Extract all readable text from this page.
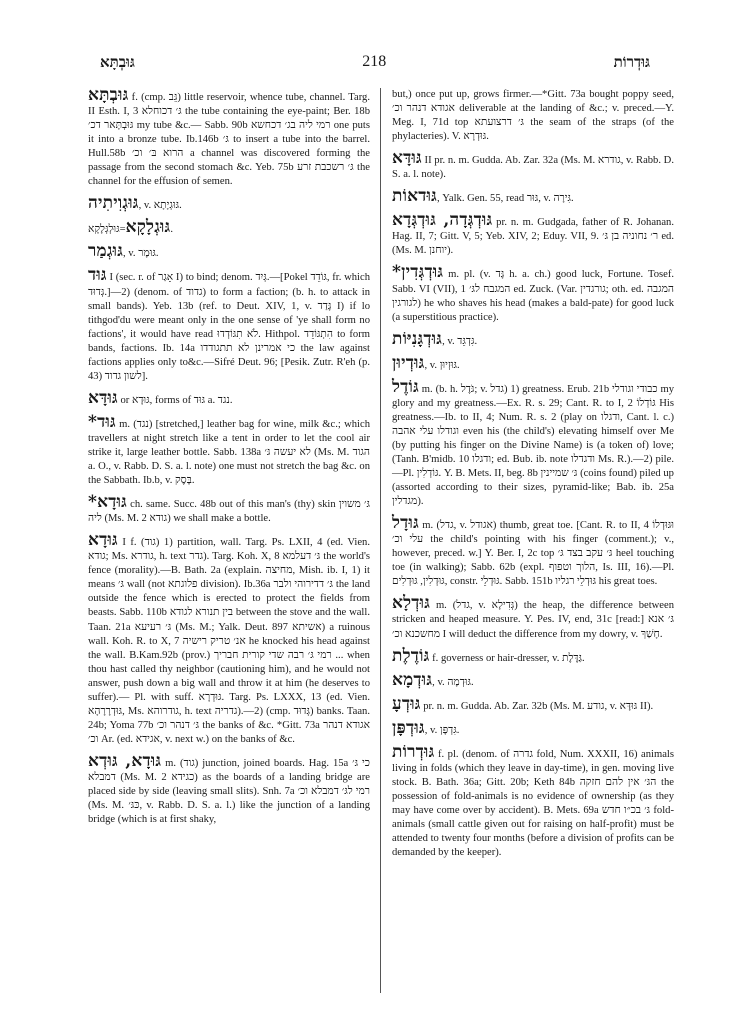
גּוּבְתָּא	218	גּוּדְרוֹת

גּוּבְתָּא f. (cmp. גֵּב) little reservoir, whence tube, channel. Targ. II Esth. I, 3 גּ׳ דכוחלא the tube containing the eye-paint; Ber. 18b גּוּבְתָּאר דכ׳ my tube &c.— Sabb. 90b רמי ליה בג׳ דכחשא one puts it into a bronze tube. Ib.146b גּ׳ to insert a tube into the barrel. Hull.58b הרוא בּ׳ וכ׳ a channel was discovered forming the passage from the second stomach &c. Yeb. 75b גּ׳ רשכבת זרע the channel for the effusion of semen.

גּוּגְוִיתִיה, v. גּוּגְיָתָא.

גּוּגְלָקָא=גּוּלְגְּלָקָא.

גּוּגְמַר, v. גּוּמָר.

גּוּד I (sec. r. of אָגַר I) to bind; denom. גְּיִד.—[Pokel גּוֹדֵד, fr. which גְּדוּד.]—2) (denom. of גדוד) to form a faction; (b. h. to attack in small bands). Yeb. 13b (ref. to Deut. XIV, 1, v. גָּדַד I) if lo tithgod'du were meant only in the one sense of 'ye shall form no factions', it would have read לֹא תִגּוֹדְדוּ. Hithpol. הִתְגּוֹדֵד to form bands, factions. Ib. 14a כי אמרינן לא תתגודדו the law against factions applies only to&c.—Sifré Deut. 96; [Pesik. Zutr. R'eh (p. 43) לשון גדוד].

גּוּדָּא or גּוּדָא, forms of גּוּד a. נגד.

*גּוּד m. (נגד) [stretched,] leather bag for wine, milk &c.; which travellers at night stretch like a tent in order to let the cool air strike it, large leather bottle. Sabb. 138a לא יעשה גּ׳ (Ms. M. הגוד a. O., v. Rabb. D. S. a. l. note) one must not stretch the bag &c. on the Sabbath. Ib.b, v. בָּסֶק.

*גּוּדָא ch. same. Succ. 48b out of this man's (thy) skin גּ׳ משוין ליה (Ms. M. 2 גודא) we shall make a bottle.

גּוּדָא I f. (גוד) 1) partition, wall. Targ. Ps. LXII, 4 (ed. Vien. גודא; Ms. גודרא, h. text גדר). Targ. Koh. X, 8 גּ׳ דעלמא the world's fence (morality).—B. Bath. 2a (explain. מחיצה, Mish. ib. I, 1) it means גּ׳ wall (not פלוגתא division). Ib.36a גּ׳ דדירוהי ולבר the land outside the fence which is erected to protect the fields from beasts. Sabb. 110b בין תנורא לגודא between the stove and the wall. Taan. 21a גּ׳ רעיעא (Ms. M.; Yalk. Deut. 897 אשיתא) a ruinous wall. Koh. R. to X, 7 אנ׳ טריק רישיה he knocked his head against the wall. B.Kam.92b (prov.) רמי גּ׳ רבה שדי קורית חבריך ... when thou hast called thy neighbor (cautioning him), and he would not answer, push down a big wall and throw it at him (he deserves to suffer).— Pl. with suff. גּוּדְרָא. Targ. Ps. LXXX, 13 (ed. Vien. גּוּדְרָרָהָא, Ms. גודרוהא, h. text גדריה).—2) (cmp. גְּדוּד) banks. Taan. 24b; Yoma 77b גּ׳ דנהר וכ׳ the banks of &c. *Gitt. 73a אגודא דנהר וכ׳ Ar. (ed. אגידא, v. next w.) on the banks of &c.

גּוּדָא, גּוּדְא m. (גוד) junction, joined boards. Hag. 15a כי גּ׳ דמבלא (Ms. M. 2 כגידא) as the boards of a landing bridge are placed side by side (leaving small slits). Snh. 7a רמי לגּ׳ דמבלא וכ׳ (Ms. M. כּגּ׳, v. Rabb. D. S. a. l.) like the junction of a landing bridge (which is at first shaky,

but,) once put up, grows firmer.—*Gitt. 73a bought poppy seed, אגודא דנהר וכ׳ deliverable at the landing of &c.; v. preced.—Y. Meg. I, 71d top גּ׳ דרצועתא the seam of the straps (of the phylacteries). V. גּוּדְרָא.

גּוּדָּא II pr. n. m. Gudda. Ab. Zar. 32a (Ms. M. גודרא, v. Rabb. D. S. a. l. note).

גּוּדאוֹת, Yalk. Gen. 55, read גּוּר, v. גִּירָה.

גּוּדְגְּדָה, גּוּדְגְּדָא pr. n. m. Gudgada, father of R. Johanan. Hag. II, 7; Gitt. V, 5; Yeb. XIV, 2; Eduy. VII, 9. ר׳ נחוניה בן גּ׳ ed. (Ms. M. יוחנן).

*גּוּדְגְּדִין m. pl. (v. גָּד h. a. ch.) good luck, Fortune. Tosef. Sabb. VI (VII), 1 המגבח לגּ׳ ed. Zuck. (Var. גורגדין; oth. ed. המגבה לגורגין) he who shaves his head (makes a bald-pate) for good luck (a superstitious practice).

גּוּדְגָּנִיּוֹת, v. גִּדְגֵּד.

גּוּדְיוּן, v. גּוּזְיוּן.

גּוֹדֶל m. (b. h. גֹּדֶל; v. גדל) 1) greatness. Erub. 21b כבודי וגודלי my glory and my greatness.—Ex. R. s. 29; Cant. R. to I, 2 גּוֹדְלוֹ His greatness.—Ib. to II, 4; Num. R. s. 2 (play on ודגלו, Cant. l. c.) וגודלו עלי אהבה even his (the child's) elevating himself over Me (by putting his finger on the Divine Name) is (a token of) love; (Tanh. B'midb. 10 ודגלו; ed. Bub. ib. note ודגדלו Ms. R.).—2) pile.—Pl. גּוֹדְלִין. Y. B. Mets. II, beg. 8b גּ׳ שמיינין (coins found) piled up (assorted according to their sizes, pyramid-like; Bab. ib. 25a מגדלין).

גּוּדָל m. (גדל, v. אגודל) thumb, great toe. [Cant. R. to II, 4 וּגּוּדְלוֹ עלי וכ׳ the child's pointing with his finger (comment.); v., however, preced. w.] Y. Ber. I, 2c top גּ׳ עקב בצד גּ׳ heel touching toe (in walking); Sabb. 62b (expl. הלוך וטפוף, Is. III, 16).—Pl. גּוּדְלִין, גּוּדְלִים, constr. גּוּדְלֵי. Sabb. 151b גּוּדְלֵי רגליו his great toes.

גּוּדְלָא m. (גדל, v. גְּדִילָא) the heap, the difference between stricken and heaped measure. Y. Pes. IV, end, 31c [read:] גּ׳ אנא מחשכנא וכ׳ I will deduct the difference from my dowry, v. חָשַׁךְ.

גּוֹדֶלֶת f. governess or hair-dresser, v. גַּדֶּלֶת.

גּוּדְמָא, v. גּוּדְמָה.

גּוּדְעָ pr. n. m. Gudda. Ab. Zar. 32b (Ms. M. גודע, v. גּוּדָּא II).

גּוּדְפָּן, v. גִּדְפָּן.

גּוּדְרוֹת f. pl. (denom. of גדרה fold, Num. XXXII, 16) animals living in folds (which they leave in day-time), in gen. moving live stock. B. Bath. 36a; Gitt. 20b; Keth 84b הגּ׳ אין להם חזקה the possession of fold-animals is no evidence of ownership (as they may have come over by accident). B. Mets. 69a גּ׳ בכ״ו חדש fold-animals (small cattle given out for raising on half-profit) must be attended to twenty four months (before a division of profits can be demanded by the keeper).
